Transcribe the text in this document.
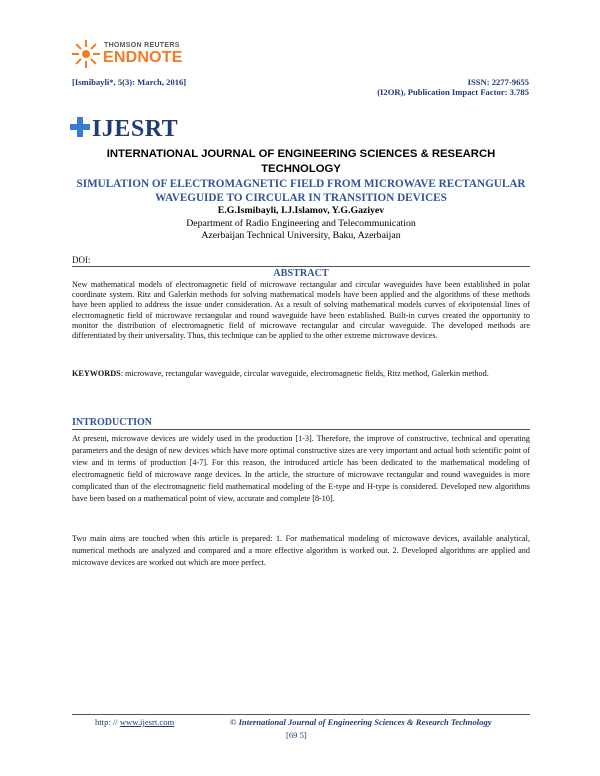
THOMSON REUTERS
ENDNOTE
[Ismibayli*, 5(3): March, 2016]	ISSN: 2277-9655
(I2OR), Publication Impact Factor: 3.785
IJESRT
INTERNATIONAL JOURNAL OF ENGINEERING SCIENCES & RESEARCH TECHNOLOGY
SIMULATION OF ELECTROMAGNETIC FIELD FROM MICROWAVE RECTANGULAR WAVEGUIDE TO CIRCULAR IN TRANSITION DEVICES
E.G.Ismibayli, I.J.Islamov, Y.G.Gaziyev
Department of Radio Engineering and Telecommunication
Azerbaijan Technical University, Baku, Azerbaijan
DOI:
ABSTRACT
New mathematical models of electromagnetic field of microwave rectangular and circular waveguides have been established in polar coordinate system. Ritz and Galerkin methods for solving mathematical models have been applied and the algorithms of these methods have been applied to address the issue under consideration. As a result of solving mathematical models curves of ekvipotensial lines of electromagnetic field of microwave rectangular and round waveguide have been established. Built-in curves created the opportunity to monitor the distribution of electromagnetic field of microwave rectangular and circular waveguide. The developed methods are differentiated by their universality. Thus, this technique can be applied to the other extreme microwave devices.
KEYWORDS: microwave, rectangular waveguide, circular waveguide, electromagnetic fields, Ritz method, Galerkin method.
INTRODUCTION
At present, microwave devices are widely used in the production [1-3]. Therefore, the improve of constructive, technical and operating parameters and the design of new devices which have more optimal constructive sizes are very important and actual both scientific point of view and in terms of production [4-7]. For this reason, the introduced article has been dedicated to the mathematical modeling of electromagnetic field of microwave range devices. In the article, the structure of microwave rectangular and round waveguides is more complicated than of the electromagnetic field mathematical modeling of the E-type and H-type is considered. Developed new algorithms have been based on a mathematical point of view, accurate and complete [8-10].
Two main aims are touched when this article is prepared: 1. For mathematical modeling of microwave devices, available analytical, numerical methods are analyzed and compared and a more effective algorithm is worked out. 2. Developed algorithms are applied and microwave devices are worked out which are more perfect.
http: // www.ijesrt.com	© International Journal of Engineering Sciences & Research Technology
[69 5]
